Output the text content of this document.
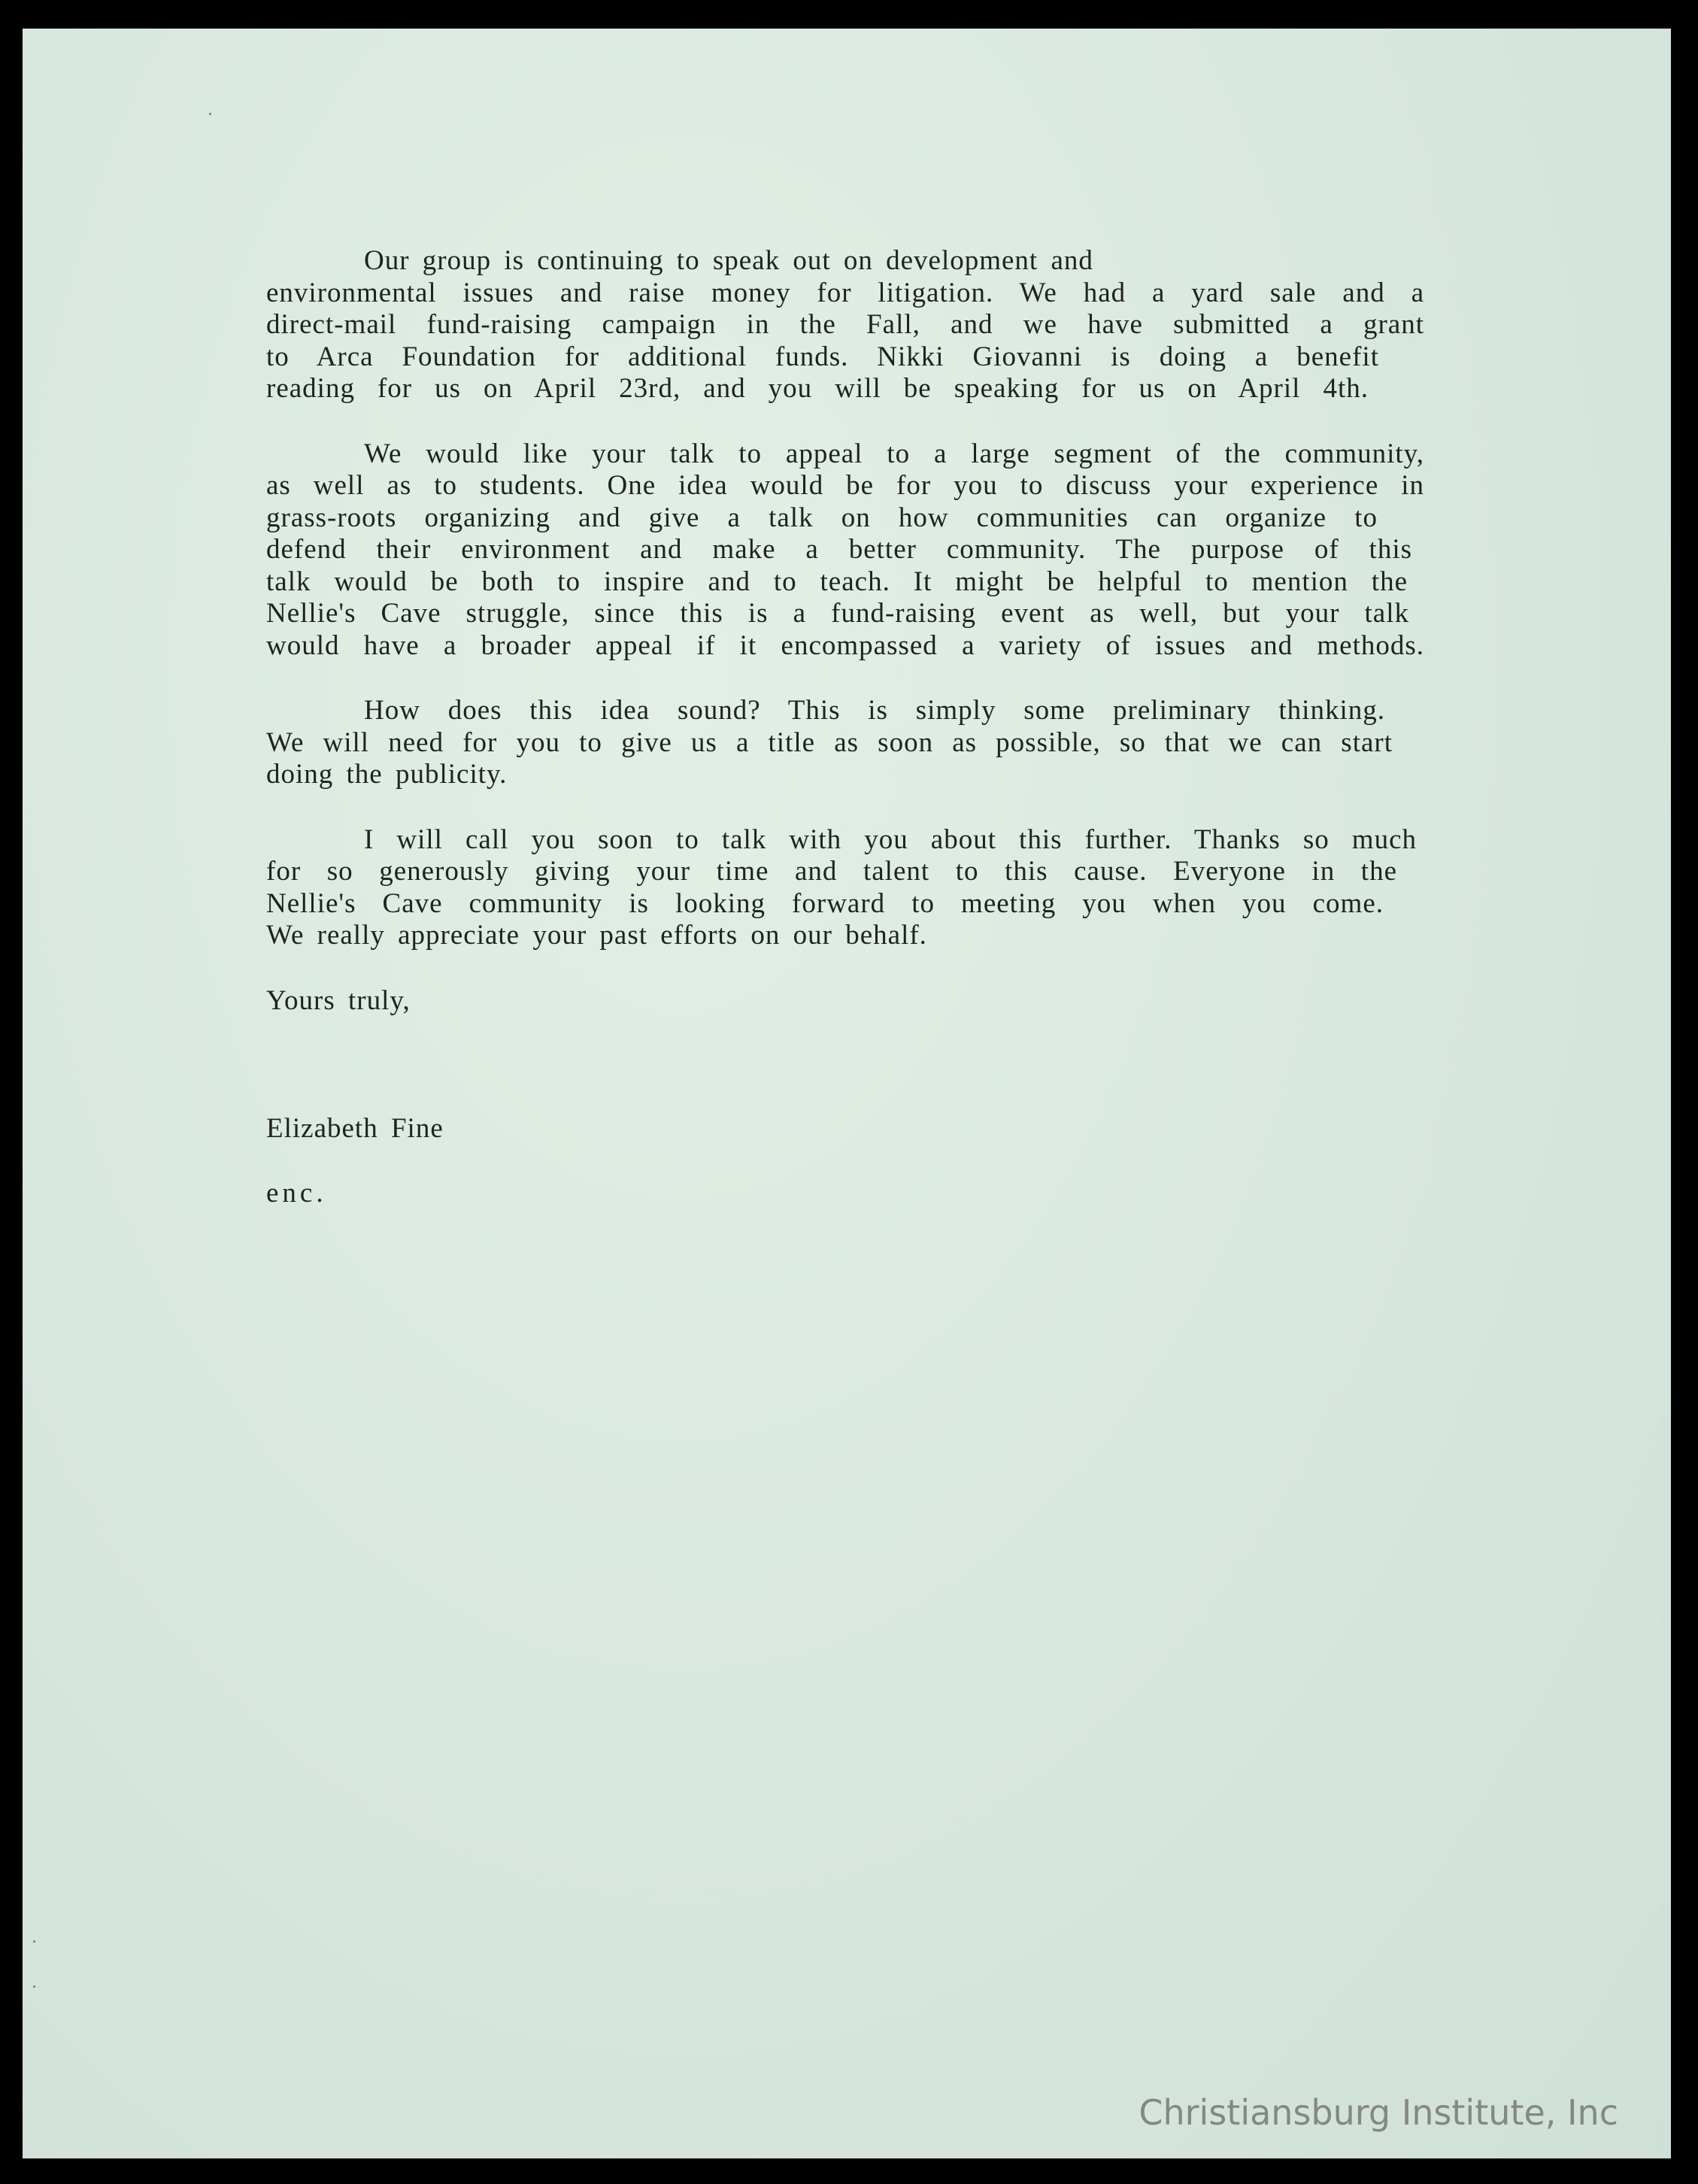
Our group is continuing to speak out on development and
environmental issues and raise money for litigation. We had a yard sale and a
direct-mail fund-raising campaign in the Fall, and we have submitted a grant
to Arca Foundation for additional funds. Nikki Giovanni is doing a benefit
reading for us on April 23rd, and you will be speaking for us on April 4th.
We would like your talk to appeal to a large segment of the community,
as well as to students. One idea would be for you to discuss your experience in
grass-roots organizing and give a talk on how communities can organize to
defend their environment and make a better community. The purpose of this
talk would be both to inspire and to teach. It might be helpful to mention the
Nellie's Cave struggle, since this is a fund-raising event as well, but your talk
would have a broader appeal if it encompassed a variety of issues and methods.
How does this idea sound? This is simply some preliminary thinking.
We will need for you to give us a title as soon as possible, so that we can start
doing the publicity.
I will call you soon to talk with you about this further. Thanks so much
for so generously giving your time and talent to this cause. Everyone in the
Nellie's Cave community is looking forward to meeting you when you come.
We really appreciate your past efforts on our behalf.
Yours truly,
Elizabeth Fine
enc.
Christiansburg Institute, Inc
